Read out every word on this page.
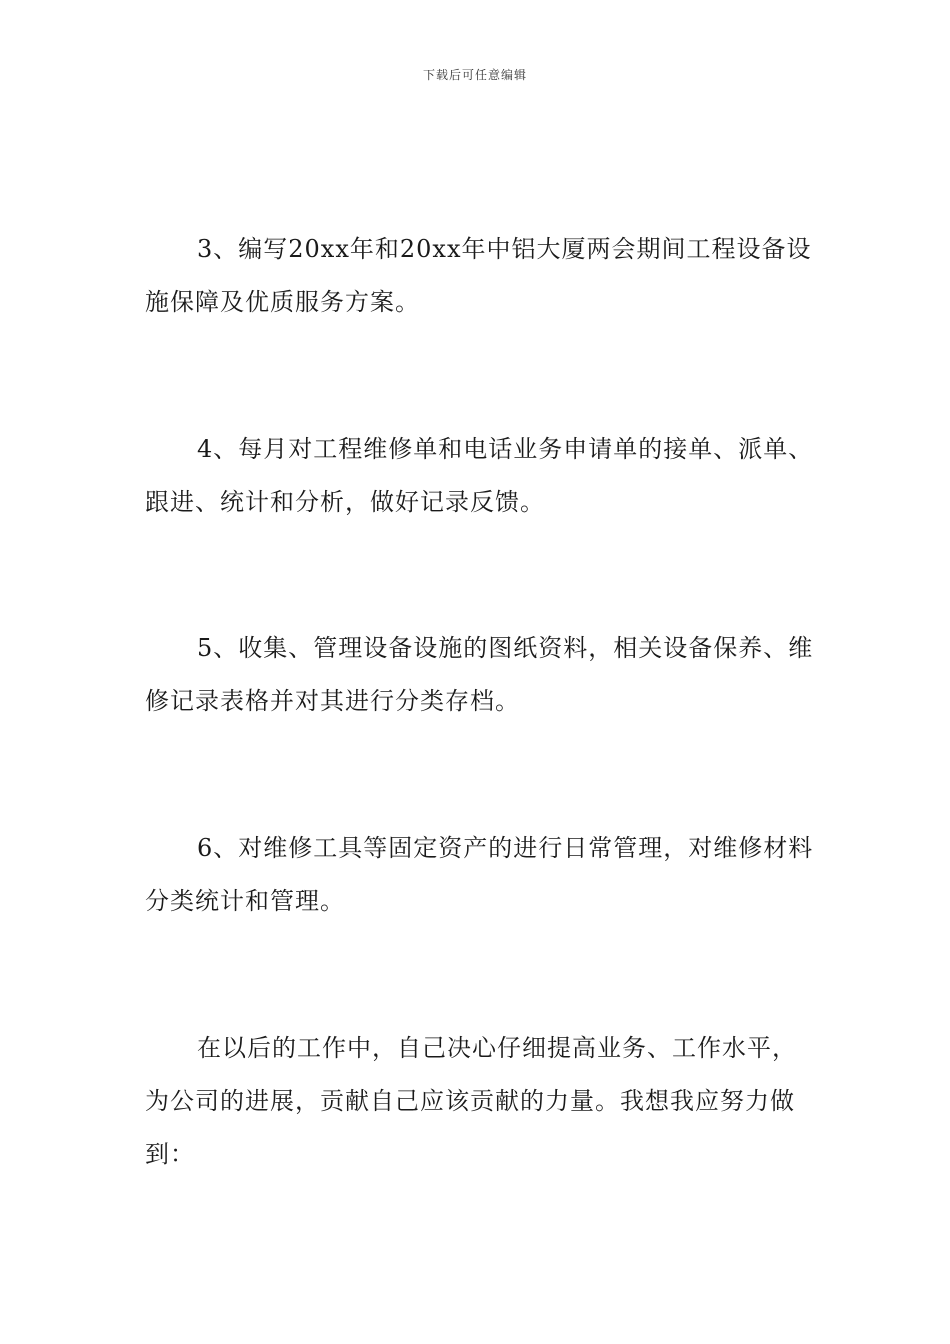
下载后可任意编辑

3、编写20xx年和20xx年中铝大厦两会期间工程设备设施保障及优质服务方案。

4、每月对工程维修单和电话业务申请单的接单、派单、跟进、统计和分析，做好记录反馈。

5、收集、管理设备设施的图纸资料，相关设备保养、维修记录表格并对其进行分类存档。

6、对维修工具等固定资产的进行日常管理，对维修材料分类统计和管理。

在以后的工作中，自己决心仔细提高业务、工作水平，为公司的进展，贡献自己应该贡献的力量。我想我应努力做到：
